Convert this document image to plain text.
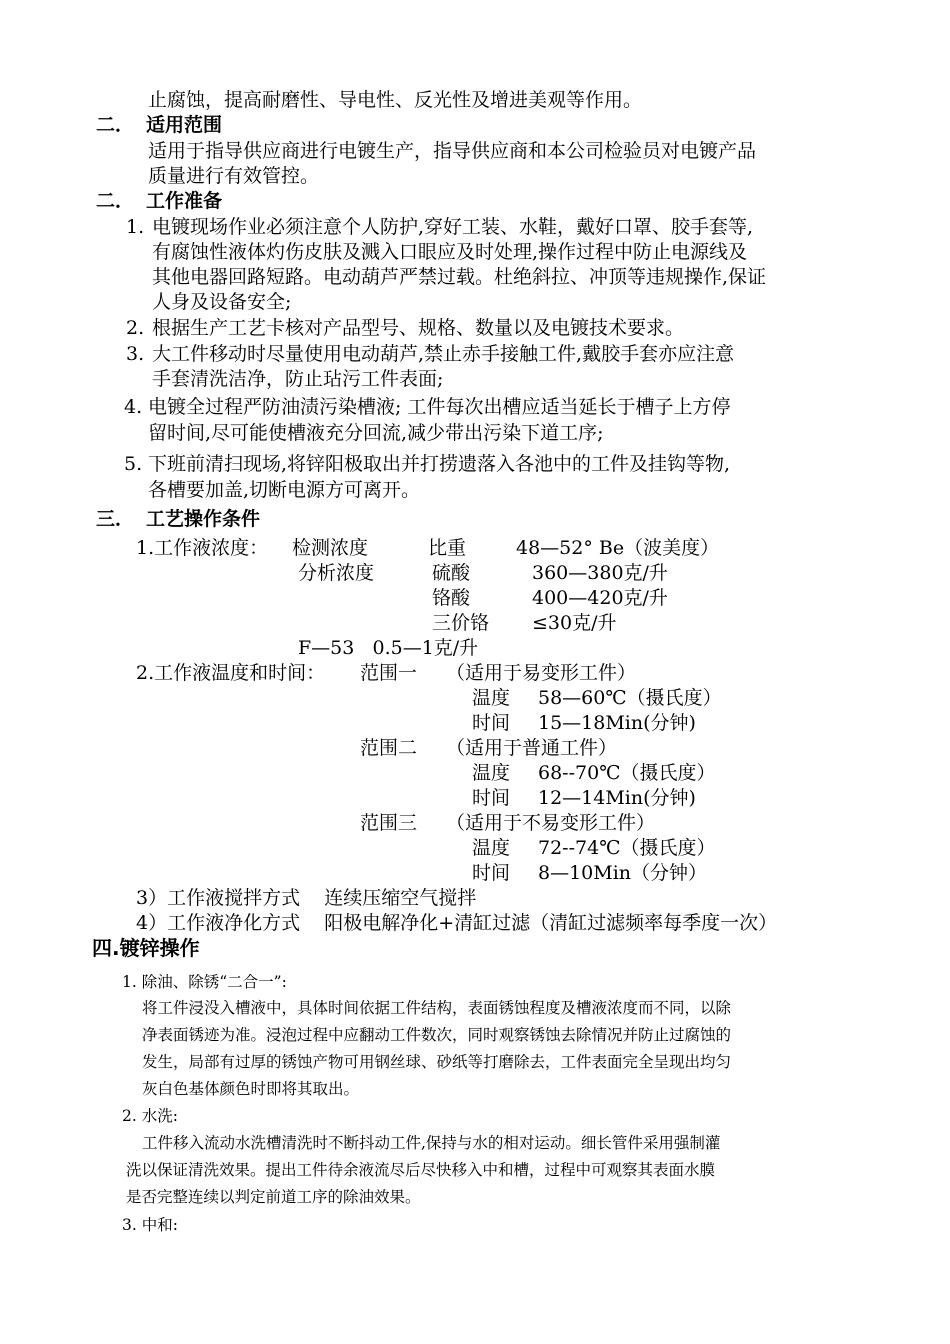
止腐蚀，提高耐磨性、导电性、反光性及增进美观等作用。
二． 适用范围
适用于指导供应商进行电镀生产，指导供应商和本公司检验员对电镀产品
质量进行有效管控。
二． 工作准备
1. 电镀现场作业必须注意个人防护,穿好工装、水鞋，戴好口罩、胶手套等,
有腐蚀性液体灼伤皮肤及溅入口眼应及时处理,操作过程中防止电源线及
其他电器回路短路。电动葫芦严禁过载。杜绝斜拉、冲顶等违规操作,保证
人身及设备安全;
2. 根据生产工艺卡核对产品型号、规格、数量以及电镀技术要求。
3. 大工件移动时尽量使用电动葫芦,禁止赤手接触工件,戴胶手套亦应注意
手套清洗洁净，防止玷污工件表面;
4. 电镀全过程严防油渍污染槽液; 工件每次出槽应适当延长于槽子上方停
留时间,尽可能使槽液充分回流,减少带出污染下道工序;
5. 下班前清扫现场,将锌阳极取出并打捞遗落入各池中的工件及挂钩等物,
各槽要加盖,切断电源方可离开。
三． 工艺操作条件
1.工作液浓度： 检测浓度	比重	48—52° Be（波美度）
分析浓度	硫酸	360—380克/升
铬酸	400—420克/升
三价铬 ≤30克/升
F—53   0.5—1克/升
2.工作液温度和时间： 范围一 （适用于易变形工件）
温度 58—60℃（摄氏度）
时间 15—18Min(分钟)
范围二 （适用于普通工件）
温度 68--70℃（摄氏度）
时间 12—14Min(分钟)
范围三 （适用于不易变形工件）
温度 72--74℃（摄氏度）
时间 8—10Min（分钟）
3）工作液搅拌方式    连续压缩空气搅拌
4）工作液净化方式    阳极电解净化+清缸过滤（清缸过滤频率每季度一次）
四.镀锌操作
1. 除油、除锈“二合一”:
将工件浸没入槽液中，具体时间依据工件结构，表面锈蚀程度及槽液浓度而不同，以除
净表面锈迹为准。浸泡过程中应翻动工件数次，同时观察锈蚀去除情况并防止过腐蚀的
发生，局部有过厚的锈蚀产物可用钢丝球、砂纸等打磨除去，工件表面完全呈现出均匀
灰白色基体颜色时即将其取出。
2. 水洗:
工件移入流动水洗槽清洗时不断抖动工件,保持与水的相对运动。细长管件采用强制灌
洗以保证清洗效果。提出工件待余液流尽后尽快移入中和槽，过程中可观察其表面水膜
是否完整连续以判定前道工序的除油效果。
3. 中和:
